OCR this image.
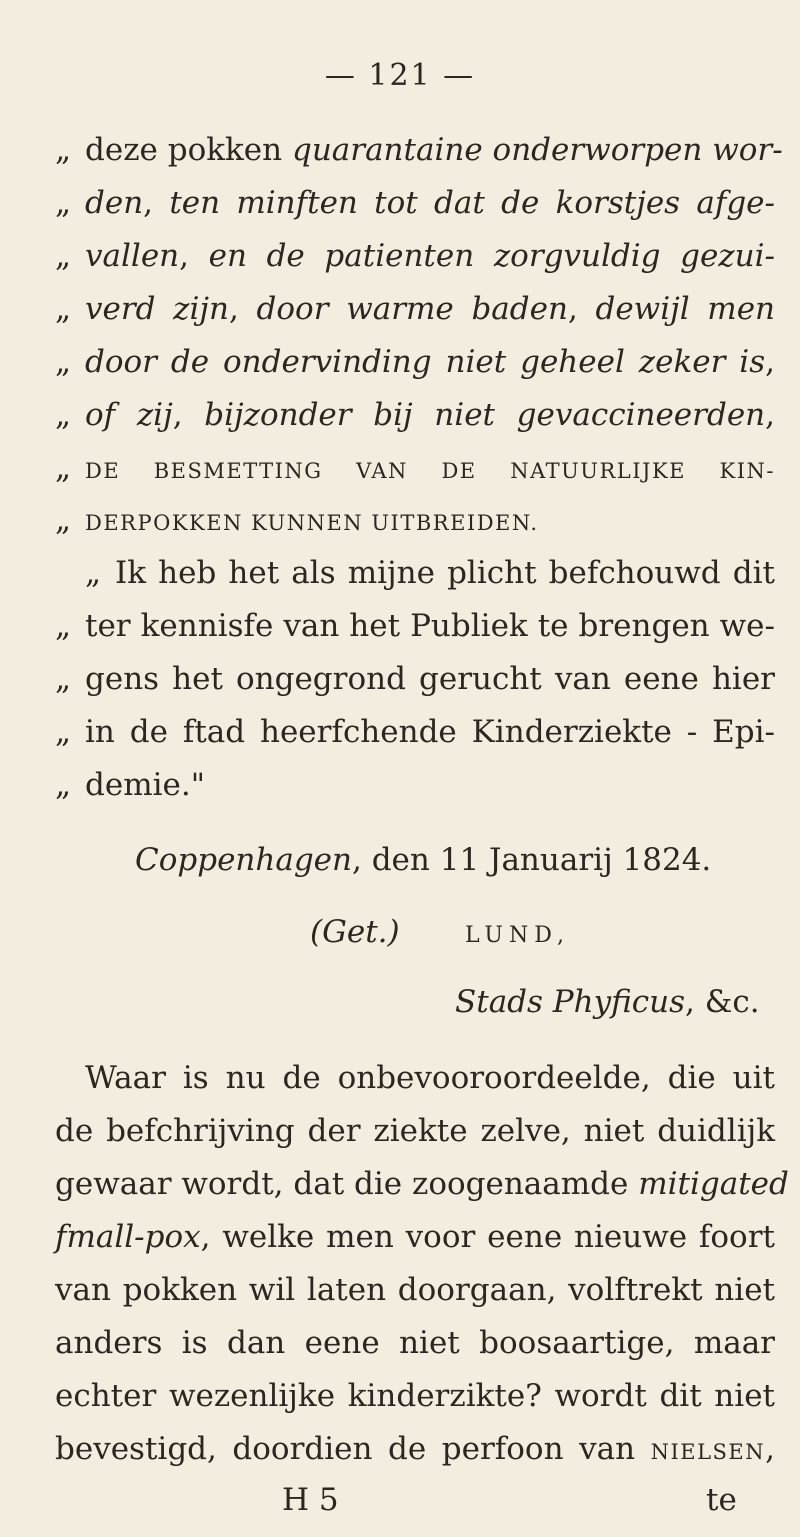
— 121 —
„ deze pokken quarantaine onderworpen wor-
„ den, ten minften tot dat de korstjes afge-
„ vallen, en de patienten zorgvuldig gezui-
„ verd zijn, door warme baden, dewijl men
„ door de ondervinding niet geheel zeker is,
„ of zij, bijzonder bij niet gevaccineerden,
„ DE BESMETTING VAN DE NATUURLIJKE KIN-
„ DERPOKKEN KUNNEN UITBREIDEN.
„ Ik heb het als mijne plicht befchouwd dit
„ ter kennisfe van het Publiek te brengen we-
„ gens het ongegrond gerucht van eene hier
„ in de ftad heerfchende Kinderziekte - Epi-
„ demie."
Coppenhagen, den 11 Januarij 1824.
(Get.)	LUND,
Stads Phyficus, &c.
Waar is nu de onbevooroordeelde, die uit
de befchrijving der ziekte zelve, niet duidlijk
gewaar wordt, dat die zoogenaamde mitigated
fmall-pox, welke men voor eene nieuwe foort
van pokken wil laten doorgaan, volftrekt niet
anders is dan eene niet boosaartige, maar
echter wezenlijke kinderzikte? wordt dit niet
bevestigd, doordien de perfoon van NIELSEN,
H 5	te
